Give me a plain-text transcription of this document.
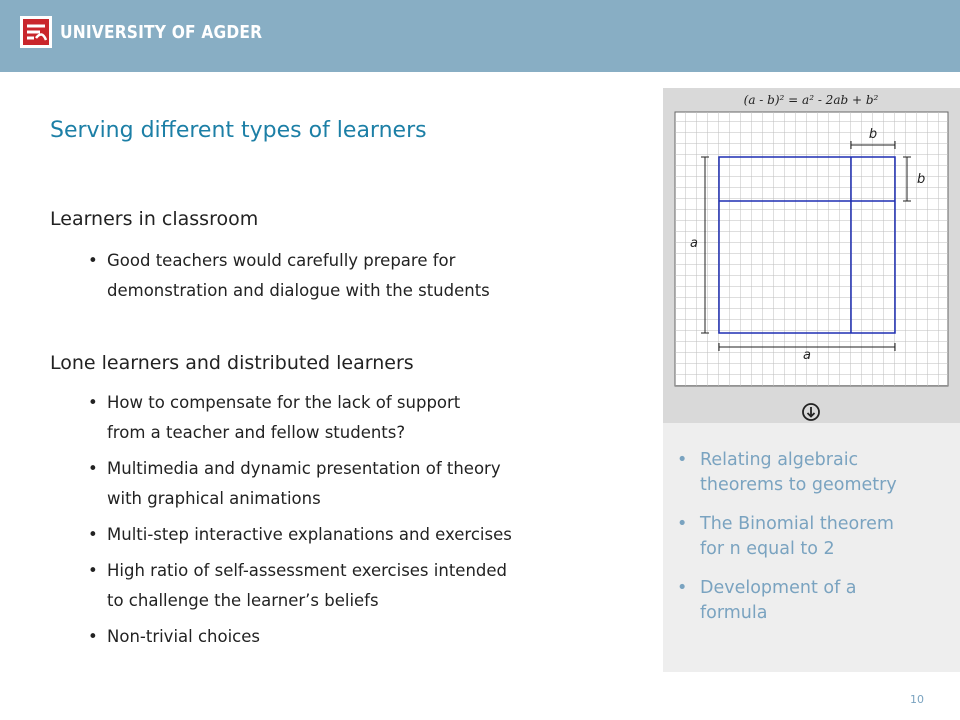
UNIVERSITY OF AGDER
Serving different types of learners
Learners in classroom
• Good teachers would carefully prepare for
demonstration and dialogue with the students
Lone learners and distributed learners
• How to compensate for the lack of support
from a teacher and fellow students?
• Multimedia and dynamic presentation of theory
with graphical animations
• Multi-step interactive explanations and exercises
• High ratio of self-assessment exercises intended
to challenge the learner’s beliefs
• Non-trivial choices
(a - b)² = a² - 2ab + b²
b
b
a
a
• Relating algebraic
theorems to geometry
• The Binomial theorem
for n equal to 2
• Development of a
formula
10
